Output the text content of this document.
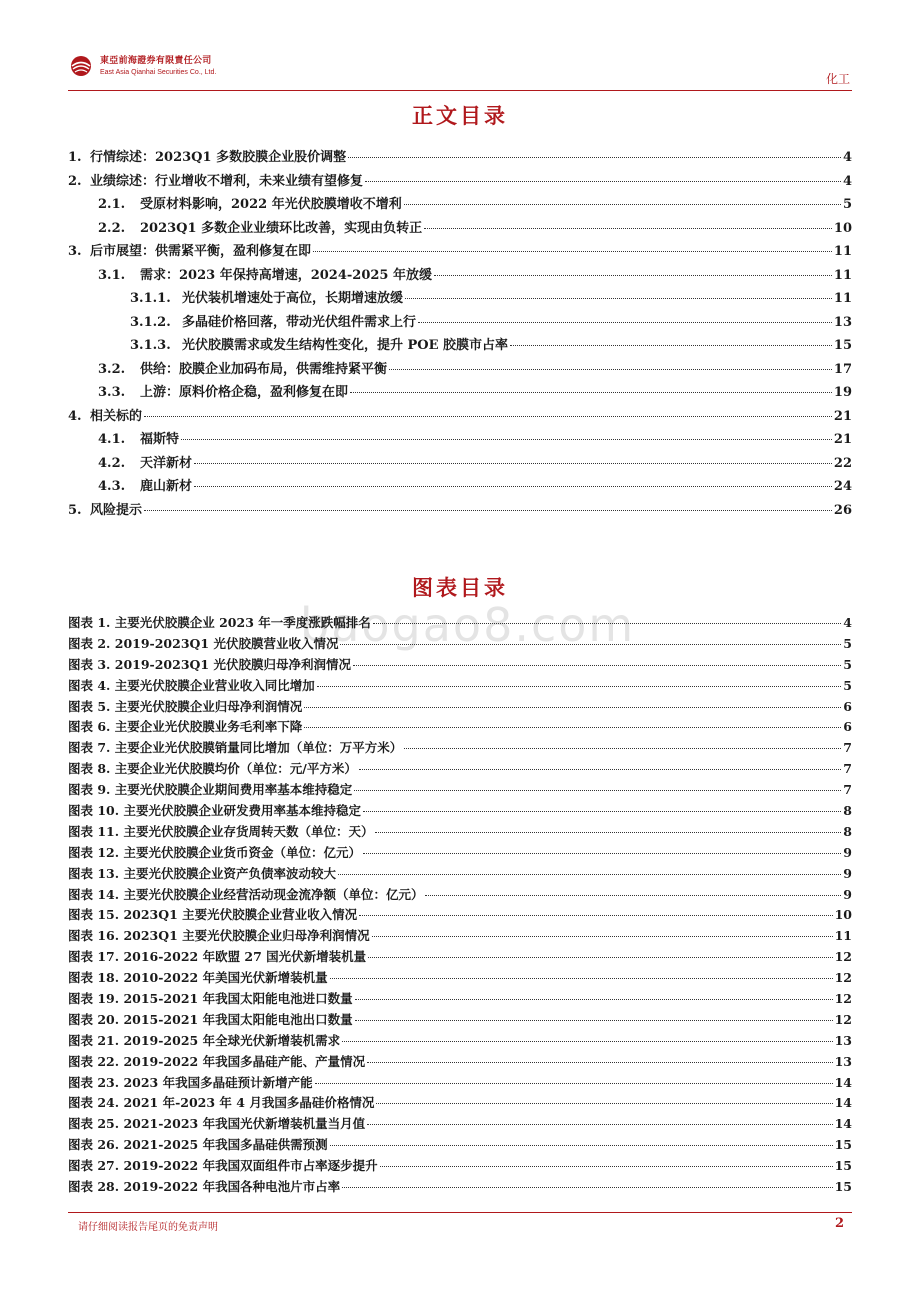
東亞前海證券有限責任公司
East Asia Qianhai Securities Co., Ltd.	化工
正文目录
1. 行情综述：2023Q1 多数胶膜企业股价调整	4
2. 业绩综述：行业增收不增利，未来业绩有望修复	4
2.1.	受原材料影响，2022 年光伏胶膜增收不增利	5
2.2.	2023Q1 多数企业业绩环比改善，实现由负转正	10
3. 后市展望：供需紧平衡，盈利修复在即	11
3.1.	需求：2023 年保持高增速，2024-2025 年放缓	11
3.1.1. 光伏装机增速处于高位，长期增速放缓	11
3.1.2. 多晶硅价格回落，带动光伏组件需求上行	13
3.1.3. 光伏胶膜需求或发生结构性变化，提升 POE 胶膜市占率	15
3.2.	供给：胶膜企业加码布局，供需维持紧平衡	17
3.3.	上游：原料价格企稳，盈利修复在即	19
4. 相关标的	21
4.1.	福斯特	21
4.2.	天洋新材	22
4.3.	鹿山新材	24
5. 风险提示	26
图表目录
baogao8.com
图表 1. 主要光伏胶膜企业 2023 年一季度涨跌幅排名	4
图表 2. 2019-2023Q1 光伏胶膜营业收入情况	5
图表 3. 2019-2023Q1 光伏胶膜归母净利润情况	5
图表 4. 主要光伏胶膜企业营业收入同比增加	5
图表 5. 主要光伏胶膜企业归母净利润情况	6
图表 6. 主要企业光伏胶膜业务毛利率下降	6
图表 7. 主要企业光伏胶膜销量同比增加（单位：万平方米）	7
图表 8. 主要企业光伏胶膜均价（单位：元/平方米）	7
图表 9. 主要光伏胶膜企业期间费用率基本维持稳定	7
图表 10. 主要光伏胶膜企业研发费用率基本维持稳定	8
图表 11. 主要光伏胶膜企业存货周转天数（单位：天）	8
图表 12. 主要光伏胶膜企业货币资金（单位：亿元）	9
图表 13. 主要光伏胶膜企业资产负债率波动较大	9
图表 14. 主要光伏胶膜企业经营活动现金流净额（单位：亿元）	9
图表 15. 2023Q1 主要光伏胶膜企业营业收入情况	10
图表 16. 2023Q1 主要光伏胶膜企业归母净利润情况	11
图表 17. 2016-2022 年欧盟 27 国光伏新增装机量	12
图表 18. 2010-2022 年美国光伏新增装机量	12
图表 19. 2015-2021 年我国太阳能电池进口数量	12
图表 20. 2015-2021 年我国太阳能电池出口数量	12
图表 21. 2019-2025 年全球光伏新增装机需求	13
图表 22. 2019-2022 年我国多晶硅产能、产量情况	13
图表 23. 2023 年我国多晶硅预计新增产能	14
图表 24. 2021 年-2023 年 4 月我国多晶硅价格情况	14
图表 25. 2021-2023 年我国光伏新增装机量当月值	14
图表 26. 2021-2025 年我国多晶硅供需预测	15
图表 27. 2019-2022 年我国双面组件市占率逐步提升	15
图表 28. 2019-2022 年我国各种电池片市占率	15
请仔细阅读报告尾页的免责声明	2
